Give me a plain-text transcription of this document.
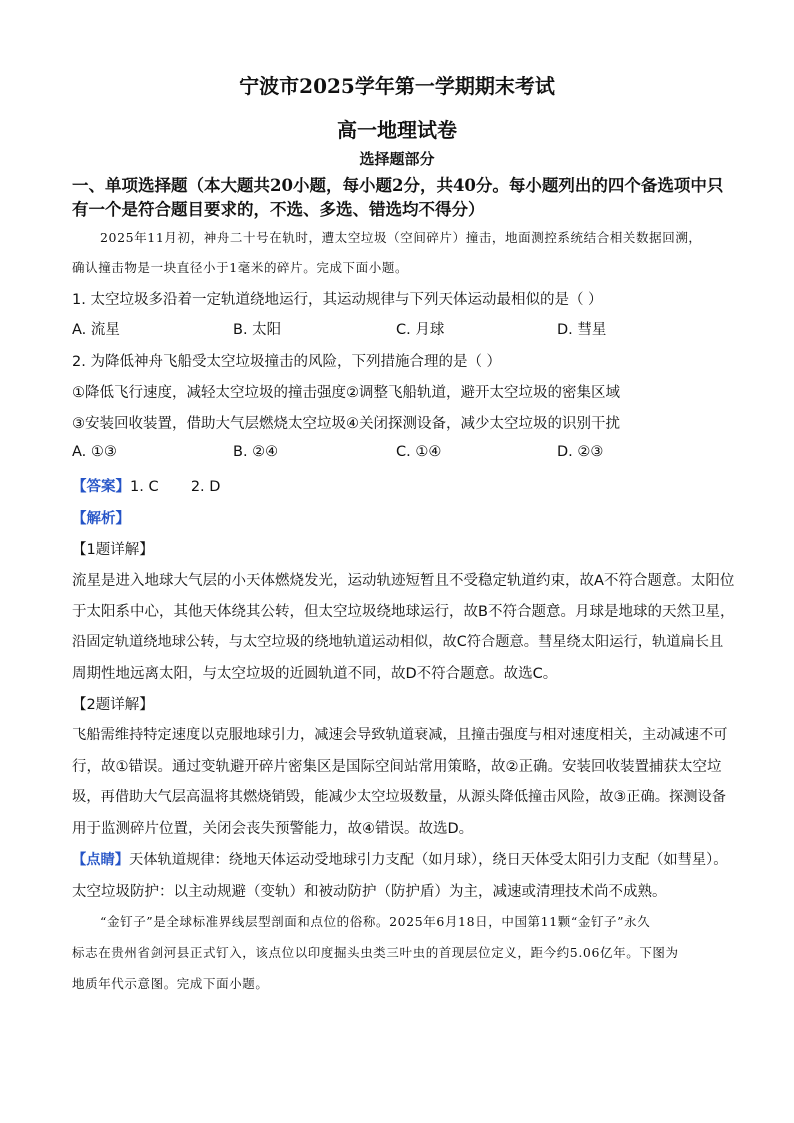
宁波市2025学年第一学期期末考试
高一地理试卷
选择题部分
一、单项选择题（本大题共20小题，每小题2分，共40分。每小题列出的四个备选项中只
有一个是符合题目要求的，不选、多选、错选均不得分）
2025年11月初，神舟二十号在轨时，遭太空垃圾（空间碎片）撞击，地面测控系统结合相关数据回溯，
确认撞击物是一块直径小于1毫米的碎片。完成下面小题。
1. 太空垃圾多沿着一定轨道绕地运行，其运动规律与下列天体运动最相似的是（ ）
A. 流星	B. 太阳	C. 月球	D. 彗星
2. 为降低神舟飞船受太空垃圾撞击的风险，下列措施合理的是（ ）
①降低飞行速度，减轻太空垃圾的撞击强度②调整飞船轨道，避开太空垃圾的密集区域
③安装回收装置，借助大气层燃烧太空垃圾④关闭探测设备，减少太空垃圾的识别干扰
A. ①③	B. ②④	C. ①④	D. ②③
【答案】1. C       2. D
【解析】
【1题详解】
流星是进入地球大气层的小天体燃烧发光，运动轨迹短暂且不受稳定轨道约束，故A不符合题意。太阳位
于太阳系中心，其他天体绕其公转，但太空垃圾绕地球运行，故B不符合题意。月球是地球的天然卫星，
沿固定轨道绕地球公转，与太空垃圾的绕地轨道运动相似，故C符合题意。彗星绕太阳运行，轨道扁长且
周期性地远离太阳，与太空垃圾的近圆轨道不同，故D不符合题意。故选C。
【2题详解】
飞船需维持特定速度以克服地球引力，减速会导致轨道衰减，且撞击强度与相对速度相关，主动减速不可
行，故①错误。通过变轨避开碎片密集区是国际空间站常用策略，故②正确。安装回收装置捕获太空垃
圾，再借助大气层高温将其燃烧销毁，能减少太空垃圾数量，从源头降低撞击风险，故③正确。探测设备
用于监测碎片位置，关闭会丧失预警能力，故④错误。故选D。
【点睛】天体轨道规律：绕地天体运动受地球引力支配（如月球），绕日天体受太阳引力支配（如彗星）。
太空垃圾防护：以主动规避（变轨）和被动防护（防护盾）为主，减速或清理技术尚不成熟。
“金钉子”是全球标准界线层型剖面和点位的俗称。2025年6月18日，中国第11颗“金钉子”永久
标志在贵州省剑河县正式钉入，该点位以印度掘头虫类三叶虫的首现层位定义，距今约5.06亿年。下图为
地质年代示意图。完成下面小题。
